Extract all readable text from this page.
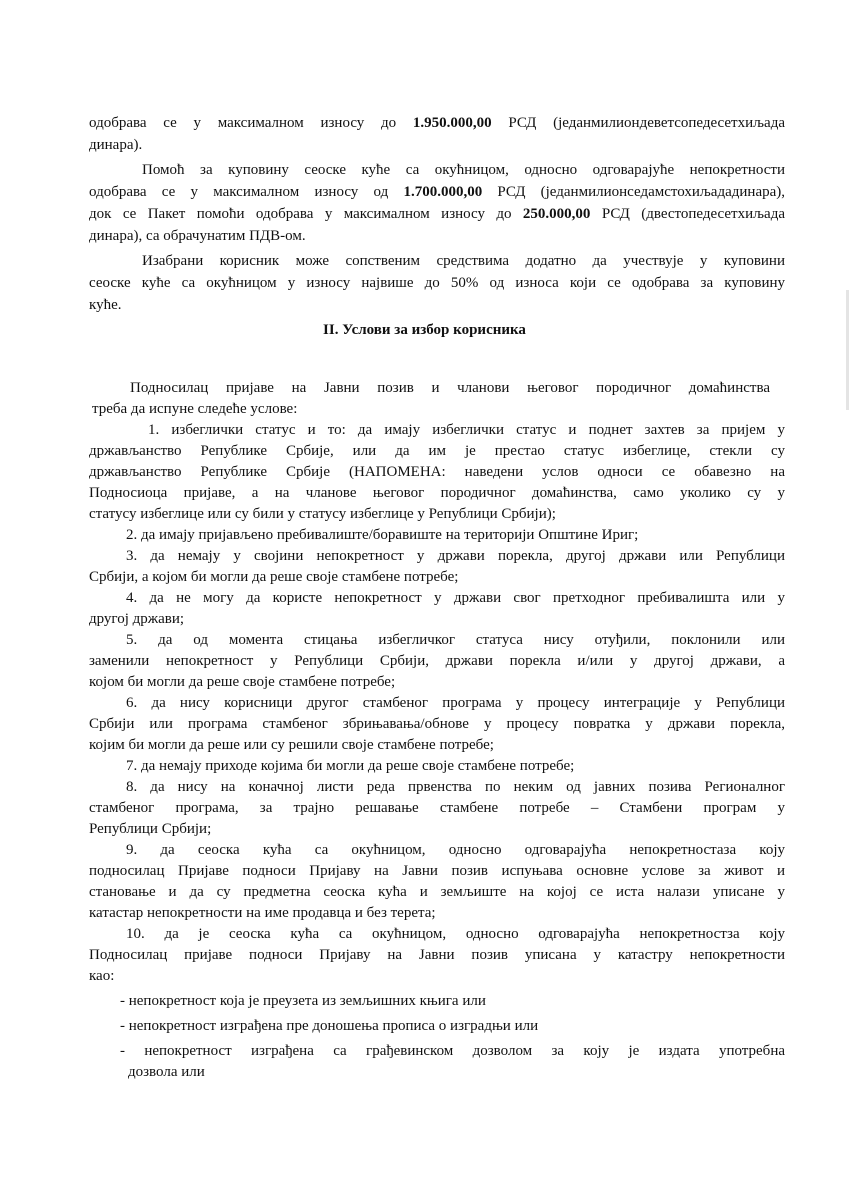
одобрава се у максималном износу до 1.950.000,00 РСД (једанмилиондеветсопедесетхиљада
динара).
Помоћ за куповину сеоске куће са окућницом, односно одговарајуће непокретности
одобрава се у максималном износу од 1.700.000,00 РСД (једанмилионседамстохиљададинара),
док се Пакет помоћи одобрава у максималном износу до 250.000,00 РСД (двестопедесетхиљада
динара), са обрачунатим ПДВ-ом.
Изабрани корисник може сопственим средствима додатно да учествује у куповини
сеоске куће са окућницом у износу највише до 50% од износа који се одобрава за куповину
куће.
II. Услови за избор корисника
Подносилац пријаве на Јавни позив и чланови његовог породичног домаћинства
треба да испуне следеће услове:
1. избеглички статус и то: да имају избеглички статус и поднет захтев за пријем у
држављанство Републике Србије, или да им је престао статус избеглице, стекли су
држављанство Републике Србије (НАПОМЕНА: наведени услов односи се обавезно на
Подносиоца пријаве, а на чланове његовог породичног домаћинства, само уколико су у
статусу избеглице или су били у статусу избеглице у Републици Србији);
2. да имају пријављено пребивалиште/боравиште на територији Општине Ириг;
3. да немају у својини непокретност у држави порекла, другој држави или Републици
Србији, а којом би могли да реше своје стамбене потребе;
4. да не могу да користе непокретност у држави свог претходног пребивалишта или у
другој држави;
5. да од момента стицања избегличког статуса нису отуђили, поклонили или
заменили непокретност у Републици Србији, држави порекла и/или у другој држави, а
којом би могли да реше своје стамбене потребе;
6. да нису корисници другог стамбеног програма у процесу интеграције у Републици
Србији или програма стамбеног збрињавања/обнове у процесу повратка у држави порекла,
којим би могли да реше или су решили своје стамбене потребе;
7. да немају приходе којима би могли да реше своје стамбене потребе;
8. да нису на коначној листи реда првенства по неким од јавних позива Регионалног
стамбеног програма, за трајно решавање стамбене потребе – Стамбени програм у
Републици Србији;
9. да сеоска кућа са окућницом, односно одговарајућа непокретностаза коју
подносилац Пријаве подноси Пријаву на Јавни позив испуњава основне услове за живот и
становање и да су предметна сеоска кућа и земљиште на којој се иста налази уписане у
катастар непокретности на име продавца и без терета;
10. да је сеоска кућа са окућницом, односно одговарајућа непокретностза коју
Подносилац пријаве подноси Пријаву на Јавни позив уписана у катастру непокретности
као:
- непокретност која је преузета из земљишних књига или
- непокретност изграђена пре доношења прописа о изградњи или
- непокретност изграђена са грађевинском дозволом за коју је издата употребна
дозвола или
